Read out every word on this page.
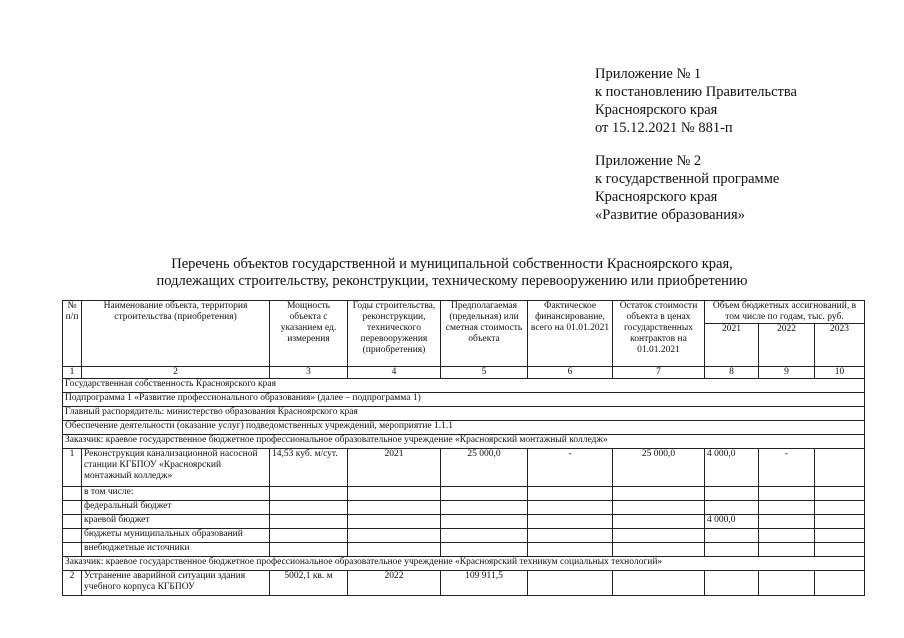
Приложение № 1
к постановлению Правительства
Красноярского края
от 15.12.2021 № 881-п
Приложение № 2
к государственной программе
Красноярского края
«Развитие образования»
Перечень объектов государственной и муниципальной собственности Красноярского края,
подлежащих строительству, реконструкции, техническому перевооружению или приобретению
№ п/п	Наименование объекта, территория строительства (приобретения)	Мощность объекта с указанием ед. измерения	Годы строительства, реконструкции, технического перевооружения (приобретения)	Предполагаемая (предельная) или сметная стоимость объекта	Фактическое финансирование, всего на 01.01.2021	Остаток стоимости объекта в ценах государственных контрактов на 01.01.2021	Объем бюджетных ассигнований, в том числе по годам, тыс. руб.		
							2021	2022	2023
1	2	3	4	5	6	7	8	9	10
Государственная собственность Красноярского края									
Подпрограмма 1 «Развитие профессионального образования» (далее – подпрограмма 1)									
Главный распорядитель: министерство образования Красноярского края									
Обеспечение деятельности (оказание услуг) подведомственных учреждений, мероприятие 1.1.1									
Заказчик: краевое государственное бюджетное профессиональное образовательное учреждение «Красноярский монтажный колледж»									
1	Реконструкция канализационной насосной станции КГБПОУ «Красноярский монтажный колледж»	14,53 куб. м/сут.	2021	25 000,0	-	25 000,0	4 000,0	-	
	в том числе:								
	федеральный бюджет								
	краевой бюджет						4 000,0		
	бюджеты муниципальных образований								
	внебюджетные источники								
Заказчик: краевое государственное бюджетное профессиональное образовательное учреждение «Красноярский техникум социальных технологий»									
2	Устранение аварийной ситуации здания учебного корпуса КГБПОУ	5002,1 кв. м	2022	109 911,5					
